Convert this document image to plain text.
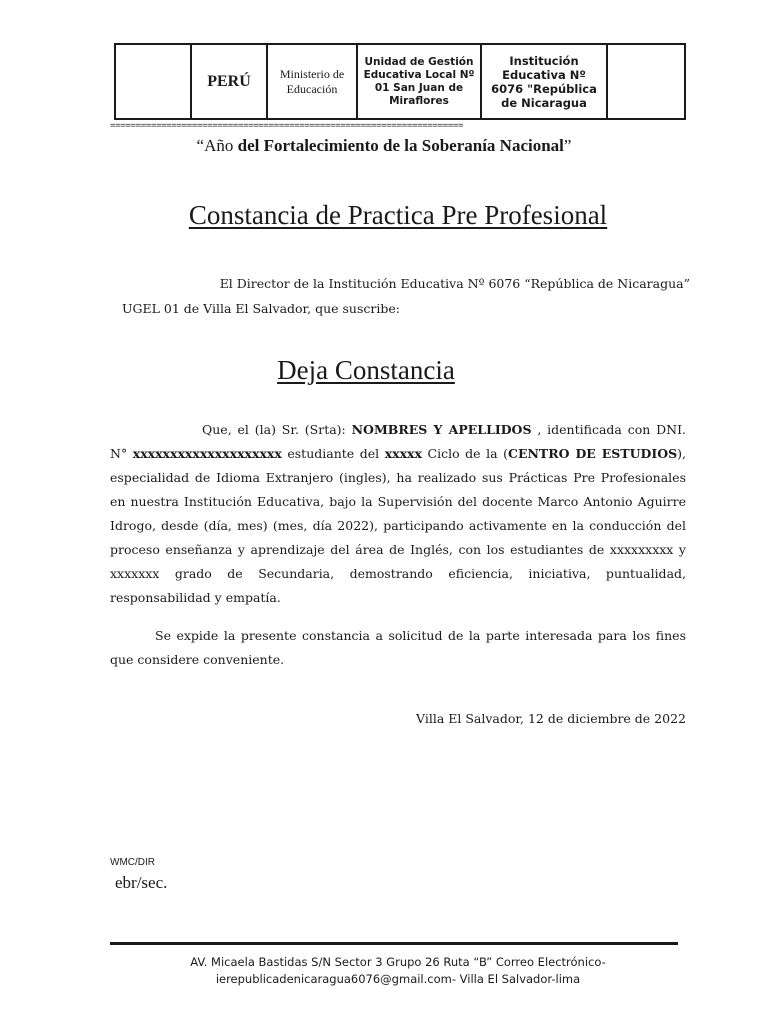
PERÚ	Ministerio de Educación
Unidad de Gestión Educativa Local Nº 01 San Juan de Miraflores
Institución Educativa Nº 6076 "República de Nicaragua
=====================================================================
“Año del Fortalecimiento de la Soberanía Nacional”
Constancia de Practica Pre Profesional
El Director de la Institución Educativa Nº 6076 “República de Nicaragua”
UGEL 01 de Villa El Salvador, que suscribe:
Deja Constancia
Que, el (la) Sr. (Srta): NOMBRES Y APELLIDOS , identificada con DNI. N° xxxxxxxxxxxxxxxxxxxx estudiante del xxxxx Ciclo de la (CENTRO DE ESTUDIOS), especialidad de Idioma Extranjero (ingles), ha realizado sus Prácticas Pre Profesionales en nuestra Institución Educativa, bajo la Supervisión del docente Marco Antonio Aguirre Idrogo, desde (día, mes) (mes, día 2022), participando activamente en la conducción del proceso enseñanza y aprendizaje del área de Inglés, con los estudiantes de xxxxxxxxx y xxxxxxx grado de Secundaria, demostrando eficiencia, iniciativa, puntualidad, responsabilidad y empatía.
Se expide la presente constancia a solicitud de la parte interesada para los fines que considere conveniente.
Villa El Salvador, 12 de diciembre de 2022
WMC/DIR
ebr/sec.
AV. Micaela Bastidas S/N Sector 3 Grupo 26 Ruta “B” Correo Electrónico-
ierepublicadenicaragua6076@gmail.com- Villa El Salvador-lima
